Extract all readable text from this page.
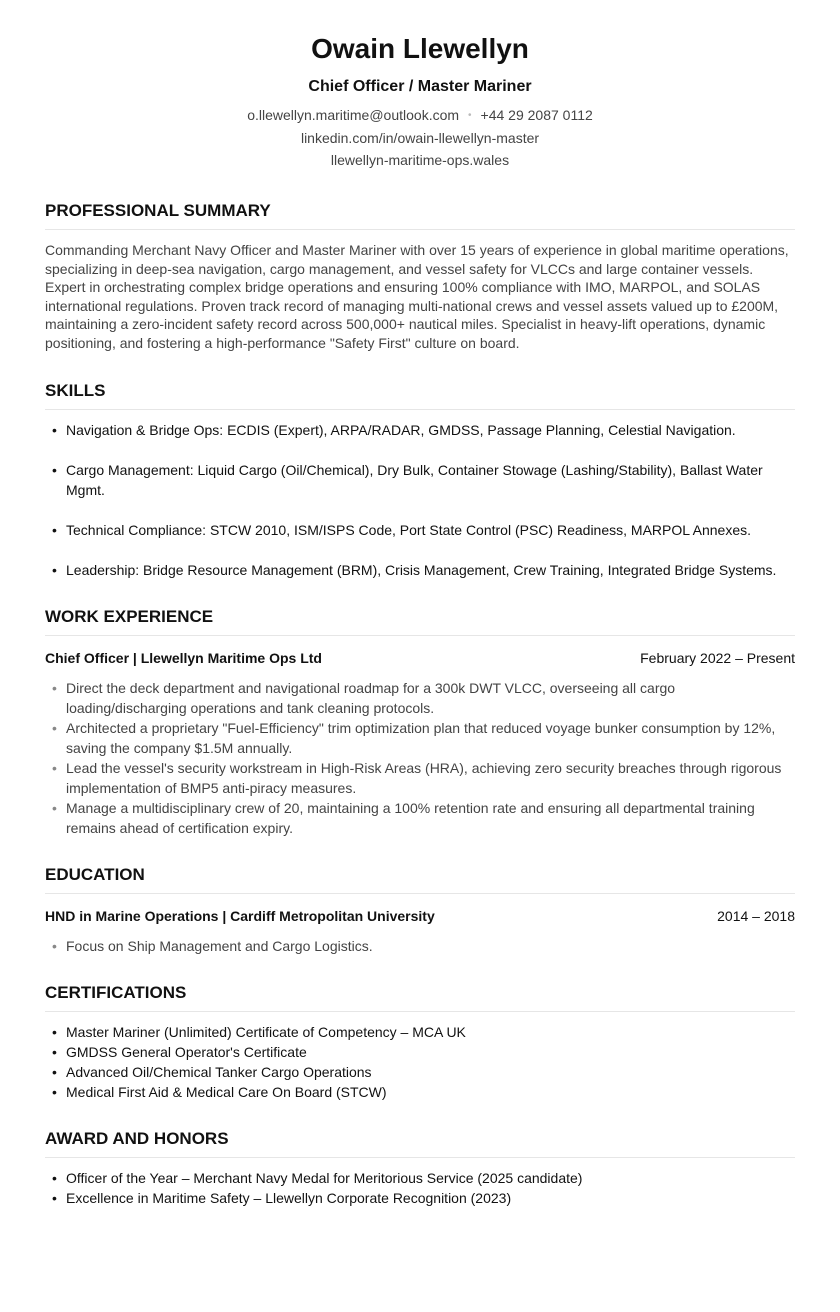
Owain Llewellyn
Chief Officer / Master Mariner
o.llewellyn.maritime@outlook.com • +44 29 2087 0112
linkedin.com/in/owain-llewellyn-master
llewellyn-maritime-ops.wales
PROFESSIONAL SUMMARY
Commanding Merchant Navy Officer and Master Mariner with over 15 years of experience in global maritime operations, specializing in deep-sea navigation, cargo management, and vessel safety for VLCCs and large container vessels. Expert in orchestrating complex bridge operations and ensuring 100% compliance with IMO, MARPOL, and SOLAS international regulations. Proven track record of managing multi-national crews and vessel assets valued up to £200M, maintaining a zero-incident safety record across 500,000+ nautical miles. Specialist in heavy-lift operations, dynamic positioning, and fostering a high-performance "Safety First" culture on board.
SKILLS
• Navigation & Bridge Ops: ECDIS (Expert), ARPA/RADAR, GMDSS, Passage Planning, Celestial Navigation.
• Cargo Management: Liquid Cargo (Oil/Chemical), Dry Bulk, Container Stowage (Lashing/Stability), Ballast Water Mgmt.
• Technical Compliance: STCW 2010, ISM/ISPS Code, Port State Control (PSC) Readiness, MARPOL Annexes.
• Leadership: Bridge Resource Management (BRM), Crisis Management, Crew Training, Integrated Bridge Systems.
WORK EXPERIENCE
Chief Officer | Llewellyn Maritime Ops Ltd	February 2022 – Present
• Direct the deck department and navigational roadmap for a 300k DWT VLCC, overseeing all cargo loading/discharging operations and tank cleaning protocols.
• Architected a proprietary "Fuel-Efficiency" trim optimization plan that reduced voyage bunker consumption by 12%, saving the company $1.5M annually.
• Lead the vessel's security workstream in High-Risk Areas (HRA), achieving zero security breaches through rigorous implementation of BMP5 anti-piracy measures.
• Manage a multidisciplinary crew of 20, maintaining a 100% retention rate and ensuring all departmental training remains ahead of certification expiry.
EDUCATION
HND in Marine Operations | Cardiff Metropolitan University	2014 – 2018
• Focus on Ship Management and Cargo Logistics.
CERTIFICATIONS
• Master Mariner (Unlimited) Certificate of Competency – MCA UK
• GMDSS General Operator's Certificate
• Advanced Oil/Chemical Tanker Cargo Operations
• Medical First Aid & Medical Care On Board (STCW)
AWARD AND HONORS
• Officer of the Year – Merchant Navy Medal for Meritorious Service (2025 candidate)
• Excellence in Maritime Safety – Llewellyn Corporate Recognition (2023)
